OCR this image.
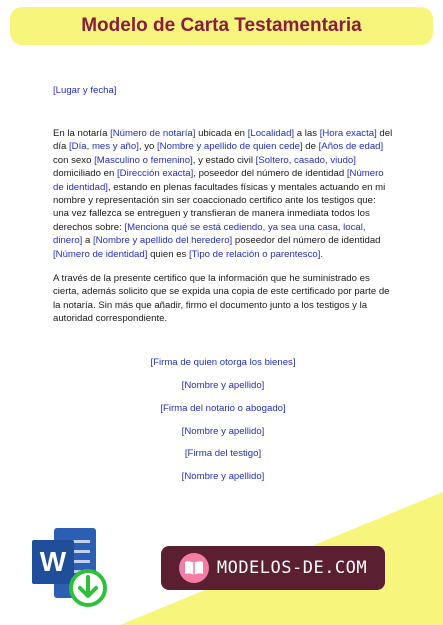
Modelo de Carta Testamentaria
[Lugar y fecha]
En la notaría [Número de notaría] ubicada en [Localidad] a las [Hora exacta] del día [Día, mes y año], yo [Nombre y apellido de quien cede] de [Años de edad] con sexo [Masculino o femenino], y estado civil [Soltero, casado, viudo] domiciliado en [Dirección exacta], poseedor del número de identidad [Número de identidad], estando en plenas facultades físicas y mentales actuando en mi nombre y representación sin ser coaccionado certifico ante los testigos que: una vez fallezca se entreguen y transfieran de manera inmediata todos los derechos sobre: [Menciona qué se está cediendo, ya sea una casa, local, dinero] a [Nombre y apellido del heredero] poseedor del número de identidad [Número de identidad] quien es [Tipo de relación o parentesco].
A través de la presente certifico que la información que he suministrado es cierta, además solicito que se expida una copia de este certificado por parte de la notaría. Sin más que añadir, firmo el documento junto a los testigos y la autoridad correspondiente.
[Firma de quien otorga los bienes]
[Nombre y apellido]
[Firma del notario o abogado]
[Nombre y apellido]
[Firma del testigo]
[Nombre y apellido]
W	MODELOS-DE.COM
